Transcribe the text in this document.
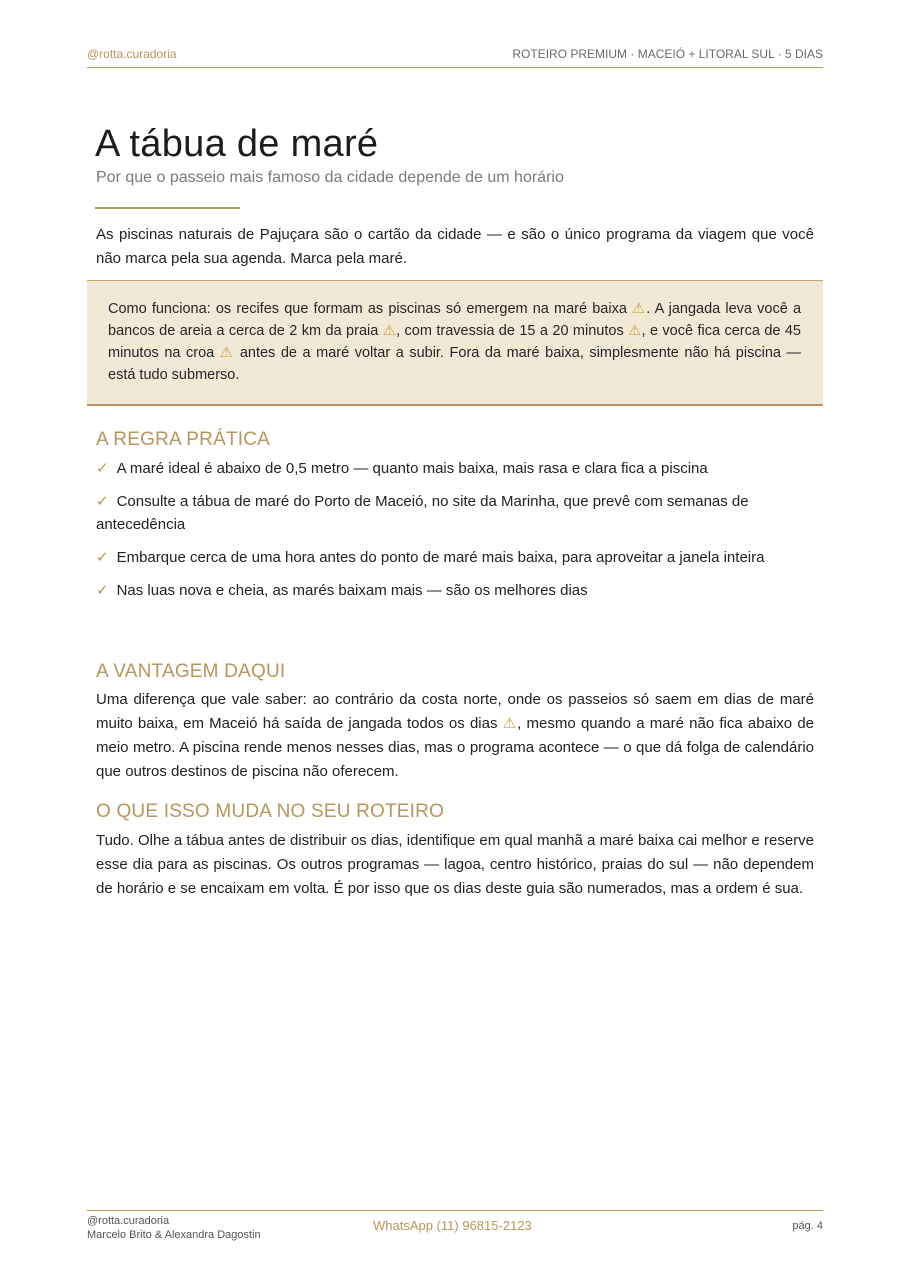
@rotta.curadoria	ROTEIRO PREMIUM · MACEIÓ + LITORAL SUL · 5 DIAS
A tábua de maré
Por que o passeio mais famoso da cidade depende de um horário

As piscinas naturais de Pajuçara são o cartão da cidade — e são o único programa da viagem que você não marca pela sua agenda. Marca pela maré.

Como funciona: os recifes que formam as piscinas só emergem na maré baixa ⚠. A jangada leva você a bancos de areia a cerca de 2 km da praia ⚠, com travessia de 15 a 20 minutos ⚠, e você fica cerca de 45 minutos na croa ⚠ antes de a maré voltar a subir. Fora da maré baixa, simplesmente não há piscina — está tudo submerso.

A REGRA PRÁTICA
✓ A maré ideal é abaixo de 0,5 metro — quanto mais baixa, mais rasa e clara fica a piscina
✓ Consulte a tábua de maré do Porto de Maceió, no site da Marinha, que prevê com semanas de antecedência
✓ Embarque cerca de uma hora antes do ponto de maré mais baixa, para aproveitar a janela inteira
✓ Nas luas nova e cheia, as marés baixam mais — são os melhores dias
A VANTAGEM DAQUI

Uma diferença que vale saber: ao contrário da costa norte, onde os passeios só saem em dias de maré muito baixa, em Maceió há saída de jangada todos os dias ⚠, mesmo quando a maré não fica abaixo de meio metro. A piscina rende menos nesses dias, mas o programa acontece — o que dá folga de calendário que outros destinos de piscina não oferecem.

O QUE ISSO MUDA NO SEU ROTEIRO

Tudo. Olhe a tábua antes de distribuir os dias, identifique em qual manhã a maré baixa cai melhor e reserve esse dia para as piscinas. Os outros programas — lagoa, centro histórico, praias do sul — não dependem de horário e se encaixam em volta. É por isso que os dias deste guia são numerados, mas a ordem é sua.

@rotta.curadoria
Marcelo Brito & Alexandra Dagostin
WhatsApp (11) 96815-2123	pág. 4
